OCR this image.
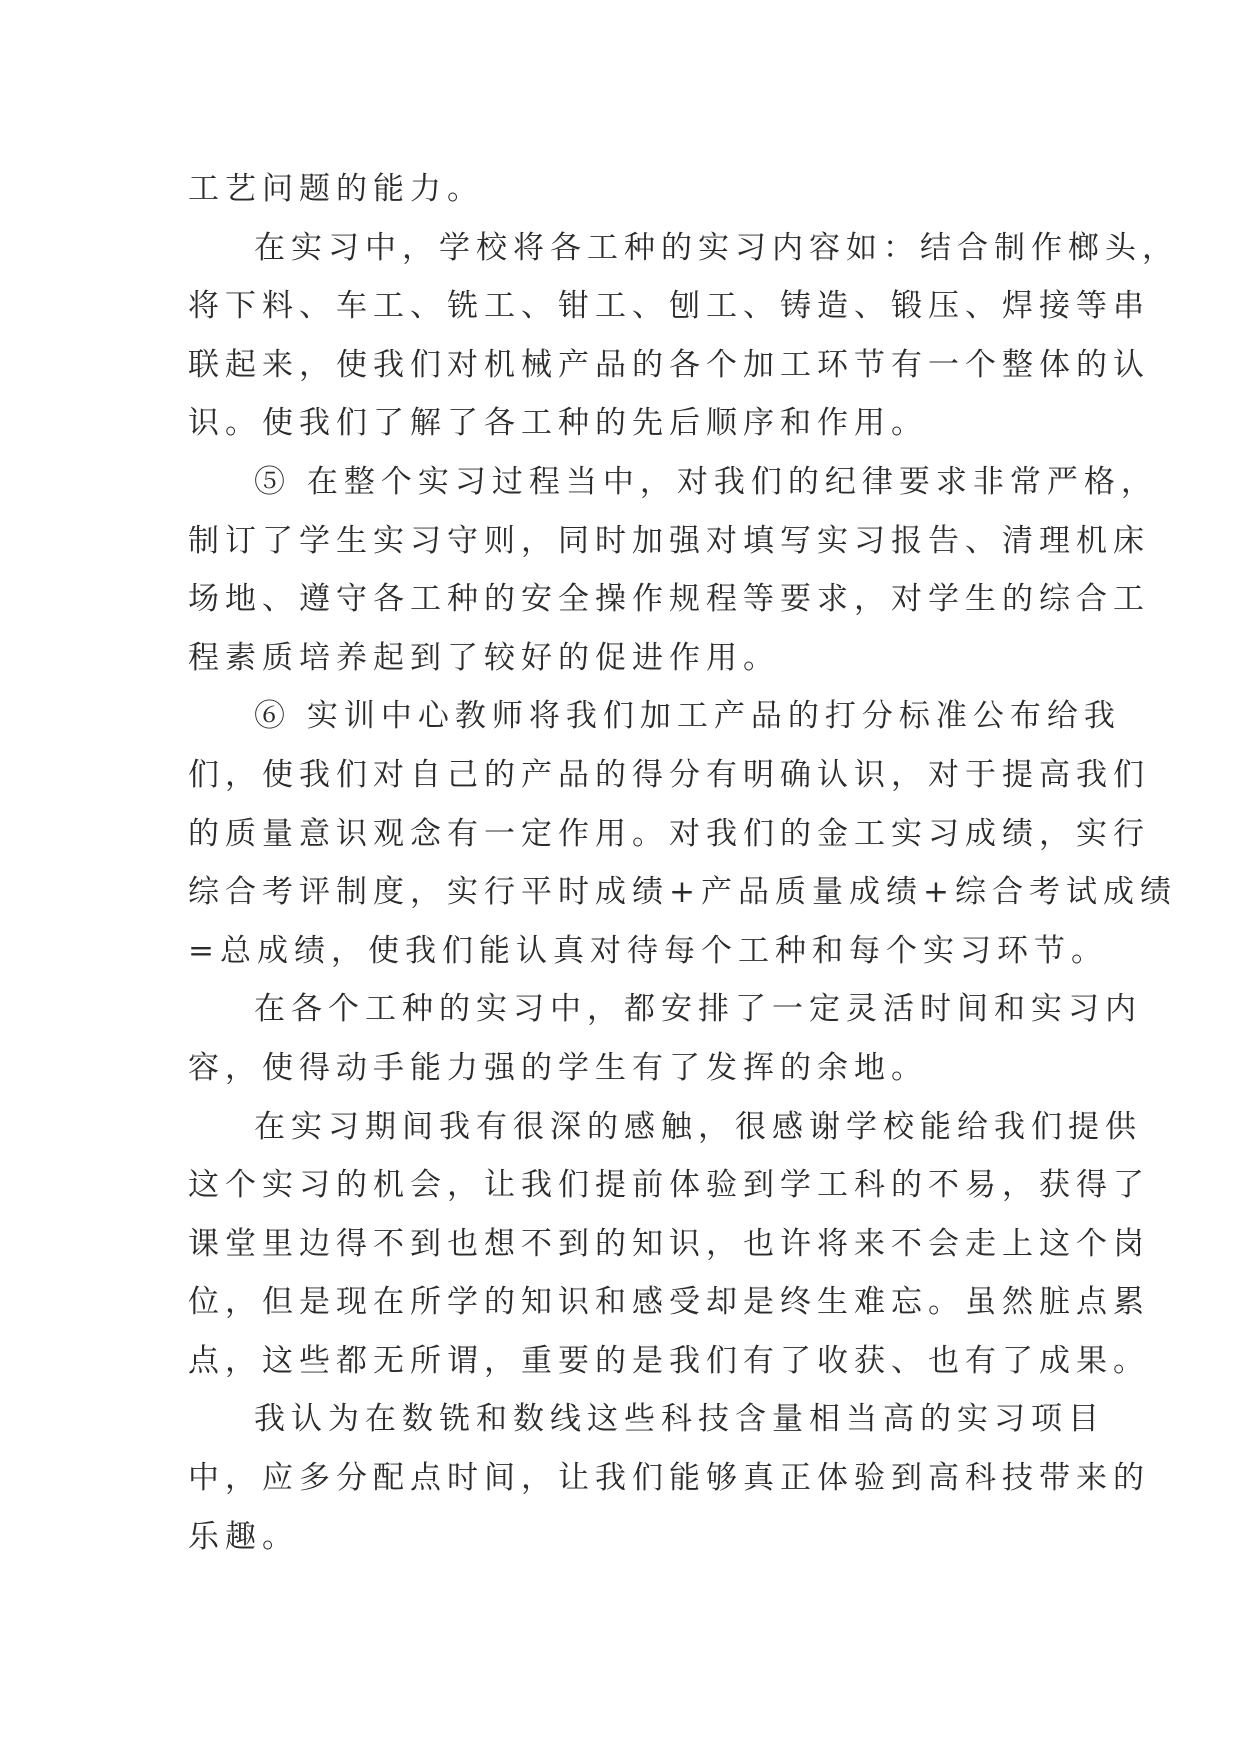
工艺问题的能力。
在实习中，学校将各工种的实习内容如：结合制作榔头，
将下料、车工、铣工、钳工、刨工、铸造、锻压、焊接等串
联起来，使我们对机械产品的各个加工环节有一个整体的认
识。使我们了解了各工种的先后顺序和作用。
⑤ 在整个实习过程当中，对我们的纪律要求非常严格，
制订了学生实习守则，同时加强对填写实习报告、清理机床
场地、遵守各工种的安全操作规程等要求，对学生的综合工
程素质培养起到了较好的促进作用。
⑥ 实训中心教师将我们加工产品的打分标准公布给我
们，使我们对自己的产品的得分有明确认识，对于提高我们
的质量意识观念有一定作用。对我们的金工实习成绩，实行
综合考评制度，实行平时成绩+产品质量成绩+综合考试成绩
=总成绩，使我们能认真对待每个工种和每个实习环节。
在各个工种的实习中，都安排了一定灵活时间和实习内
容，使得动手能力强的学生有了发挥的余地。
在实习期间我有很深的感触，很感谢学校能给我们提供
这个实习的机会，让我们提前体验到学工科的不易，获得了
课堂里边得不到也想不到的知识，也许将来不会走上这个岗
位，但是现在所学的知识和感受却是终生难忘。虽然脏点累
点，这些都无所谓，重要的是我们有了收获、也有了成果。
我认为在数铣和数线这些科技含量相当高的实习项目
中，应多分配点时间，让我们能够真正体验到高科技带来的
乐趣。
